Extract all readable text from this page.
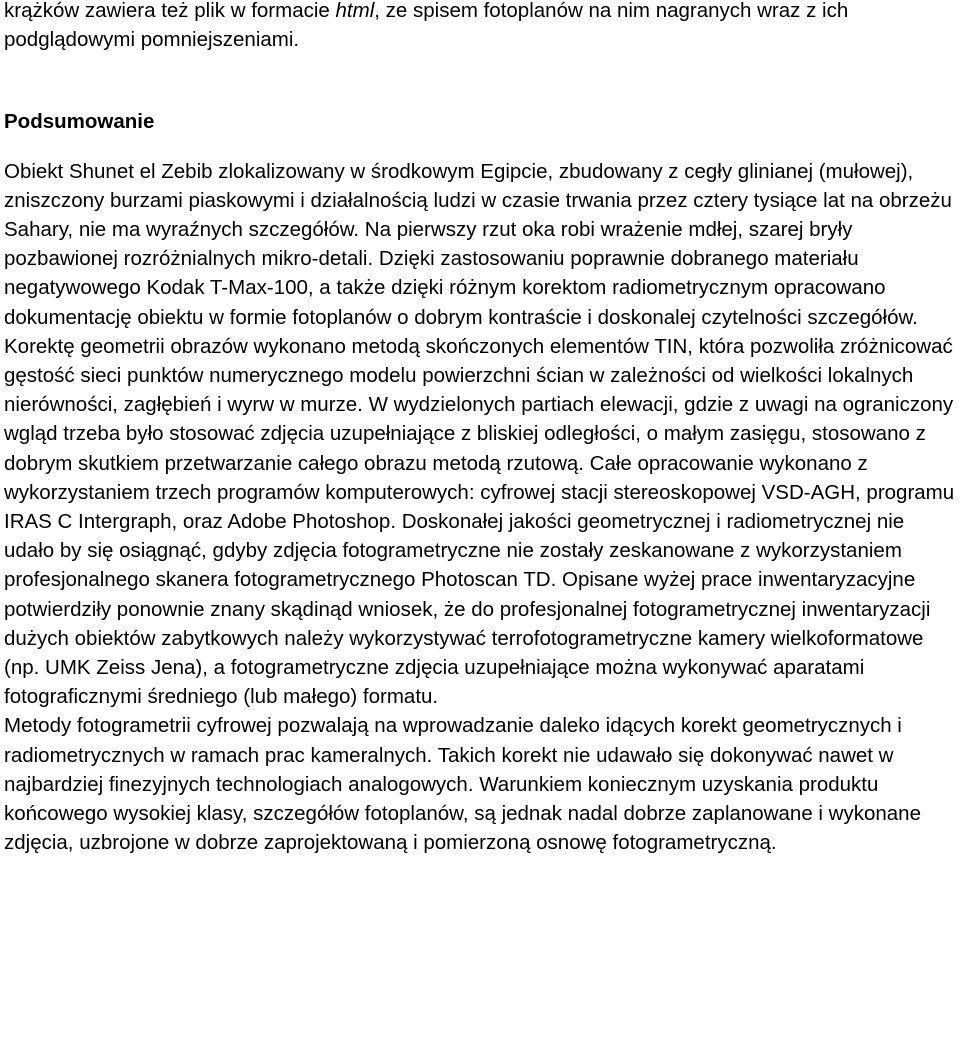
krążków zawiera też plik w formacie html, ze spisem fotoplanów na nim nagranych wraz z ich podglądowymi pomniejszeniami.

Podsumowanie

Obiekt Shunet el Zebib zlokalizowany w środkowym Egipcie, zbudowany z cegły glinianej (mułowej), zniszczony burzami piaskowymi i działalnością ludzi w czasie trwania przez cztery tysiące lat na obrzeżu Sahary, nie ma wyraźnych szczegółów. Na pierwszy rzut oka robi wrażenie mdłej, szarej bryły pozbawionej rozróżnialnych mikro-detali. Dzięki zastosowaniu poprawnie dobranego materiału negatywowego Kodak T-Max-100, a także dzięki różnym korektom radiometrycznym opracowano dokumentację obiektu w formie fotoplanów o dobrym kontraście i doskonalej czytelności szczegółów. Korektę geometrii obrazów wykonano metodą skończonych elementów TIN, która pozwoliła zróżnicować gęstość sieci punktów numerycznego modelu powierzchni ścian w zależności od wielkości lokalnych nierówności, zagłębień i wyrw w murze. W wydzielonych partiach elewacji, gdzie z uwagi na ograniczony wgląd trzeba było stosować zdjęcia uzupełniające z bliskiej odległości, o małym zasięgu, stosowano z dobrym skutkiem przetwarzanie całego obrazu metodą rzutową. Całe opracowanie wykonano z wykorzystaniem trzech programów komputerowych: cyfrowej stacji stereoskopowej VSD-AGH, programu IRAS C Intergraph, oraz Adobe Photoshop. Doskonałej jakości geometrycznej i radiometrycznej nie udało by się osiągnąć, gdyby zdjęcia fotogrametryczne nie zostały zeskanowane z wykorzystaniem profesjonalnego skanera fotogrametrycznego Photoscan TD. Opisane wyżej prace inwentaryzacyjne potwierdziły ponownie znany skądinąd wniosek, że do profesjonalnej fotogrametrycznej inwentaryzacji dużych obiektów zabytkowych należy wykorzystywać terrofotogrametryczne kamery wielkoformatowe (np. UMK Zeiss Jena), a fotogrametryczne zdjęcia uzupełniające można wykonywać aparatami fotograficznymi średniego (lub małego) formatu.

Metody fotogrametrii cyfrowej pozwalają na wprowadzanie daleko idących korekt geometrycznych i radiometrycznych w ramach prac kameralnych. Takich korekt nie udawało się dokonywać nawet w najbardziej finezyjnych technologiach analogowych. Warunkiem koniecznym uzyskania produktu końcowego wysokiej klasy, szczegółów fotoplanów, są jednak nadal dobrze zaplanowane i wykonane zdjęcia, uzbrojone w dobrze zaprojektowaną i pomierzoną osnowę fotogrametryczną.
